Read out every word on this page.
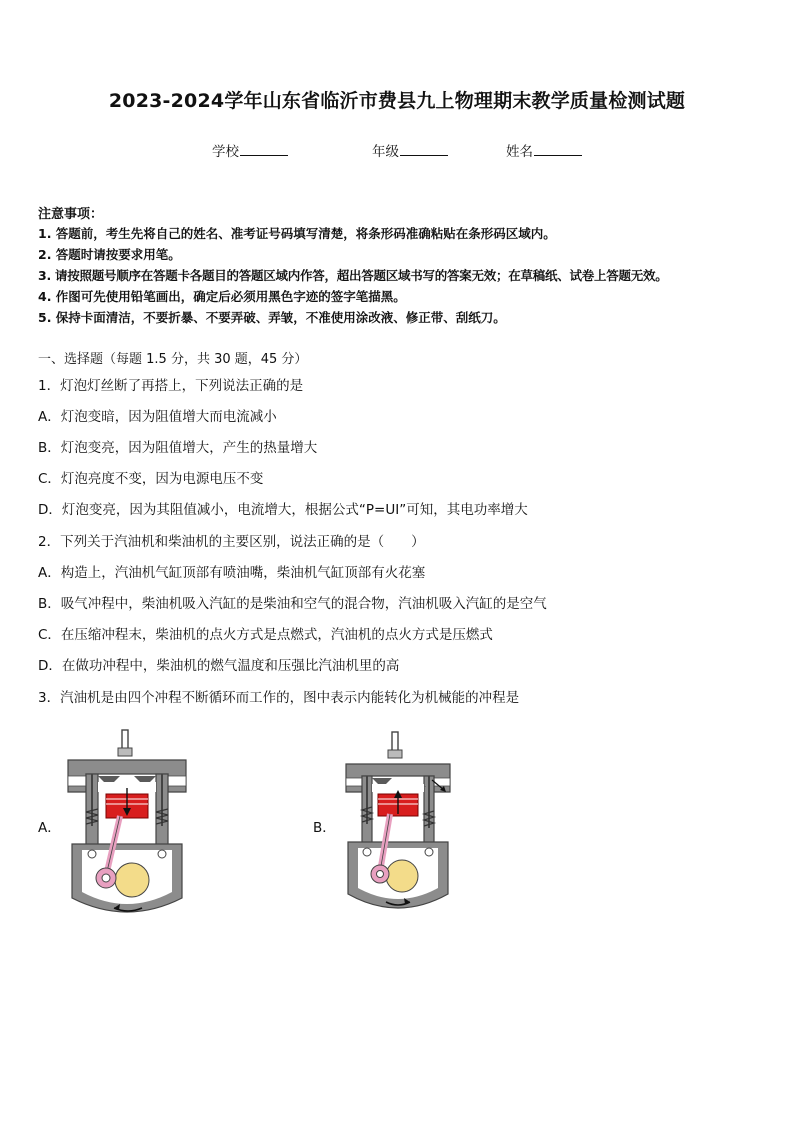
2023-2024学年山东省临沂市费县九上物理期末教学质量检测试题
学校	年级	姓名
注意事项：
1. 答题前，考生先将自己的姓名、准考证号码填写清楚，将条形码准确粘贴在条形码区域内。
2. 答题时请按要求用笔。
3. 请按照题号顺序在答题卡各题目的答题区域内作答，超出答题区域书写的答案无效；在草稿纸、试卷上答题无效。
4. 作图可先使用铅笔画出，确定后必须用黑色字迹的签字笔描黑。
5. 保持卡面清洁，不要折暴、不要弄破、弄皱，不准使用涂改液、修正带、刮纸刀。
一、选择题（每题 1.5 分，共 30 题，45 分）
1．灯泡灯丝断了再搭上，下列说法正确的是
A．灯泡变暗，因为阻值增大而电流减小
B．灯泡变亮，因为阻值增大，产生的热量增大
C．灯泡亮度不变，因为电源电压不变
D．灯泡变亮，因为其阻值减小，电流增大，根据公式“P=UI”可知，其电功率增大
2．下列关于汽油机和柴油机的主要区别，说法正确的是（　　）
A．构造上，汽油机气缸顶部有喷油嘴，柴油机气缸顶部有火花塞
B．吸气冲程中，柴油机吸入汽缸的是柴油和空气的混合物，汽油机吸入汽缸的是空气
C．在压缩冲程末，柴油机的点火方式是点燃式，汽油机的点火方式是压燃式
D．在做功冲程中，柴油机的燃气温度和压强比汽油机里的高
3．汽油机是由四个冲程不断循环而工作的，图中表示内能转化为机械能的冲程是
A．	B．
